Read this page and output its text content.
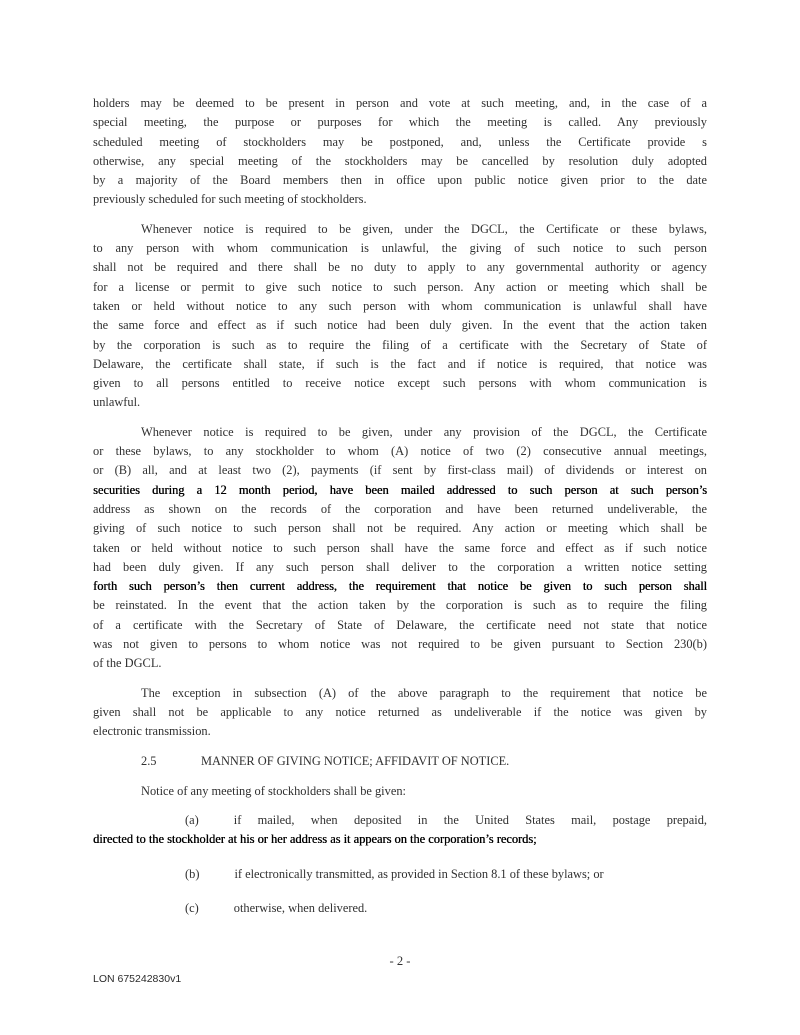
holders may be deemed to be present in person and vote at such meeting, and, in the case of a
special meeting, the purpose or purposes for which the meeting is called. Any previously
scheduled meeting of stockholders may be postponed, and, unless the Certificate provide s
otherwise, any special meeting of the stockholders may be cancelled by resolution duly adopted
by a majority of the Board members then in office upon public notice given prior to the date
previously scheduled for such meeting of stockholders.
Whenever notice is required to be given, under the DGCL, the Certificate or these bylaws,
to any person with whom communication is unlawful, the giving of such notice to such person
shall not be required and there shall be no duty to apply to any governmental authority or agency
for a license or permit to give such notice to such person. Any action or meeting which shall be
taken or held without notice to any such person with whom communication is unlawful shall have
the same force and effect as if such notice had been duly given. In the event that the action taken
by the corporation is such as to require the filing of a certificate with the Secretary of State of
Delaware, the certificate shall state, if such is the fact and if notice is required, that notice was
given to all persons entitled to receive notice except such persons with whom communication is
unlawful.
Whenever notice is required to be given, under any provision of the DGCL, the Certificate
or these bylaws, to any stockholder to whom (A) notice of two (2) consecutive annual meetings,
or (B) all, and at least two (2), payments (if sent by first-class mail) of dividends or interest on
securities during a 12 month period, have been mailed addressed to such person at such person’s
address as shown on the records of the corporation and have been returned undeliverable, the
giving of such notice to such person shall not be required. Any action or meeting which shall be
taken or held without notice to such person shall have the same force and effect as if such notice
had been duly given. If any such person shall deliver to the corporation a written notice setting
forth such person’s then current address, the requirement that notice be given to such person shall
be reinstated. In the event that the action taken by the corporation is such as to require the filing
of a certificate with the Secretary of State of Delaware, the certificate need not state that notice
was not given to persons to whom notice was not required to be given pursuant to Section 230(b)
of the DGCL.
The exception in subsection (A) of the above paragraph to the requirement that notice be
given shall not be applicable to any notice returned as undeliverable if the notice was given by
electronic transmission.
2.5	MANNER OF GIVING NOTICE; AFFIDAVIT OF NOTICE.
Notice of any meeting of stockholders shall be given:
(a)	if mailed, when deposited in the United States mail, postage prepaid,
directed to the stockholder at his or her address as it appears on the corporation’s records;
(b)	if electronically transmitted, as provided in Section 8.1 of these bylaws; or
(c)	otherwise, when delivered.
- 2 -
LON 675242830v1
